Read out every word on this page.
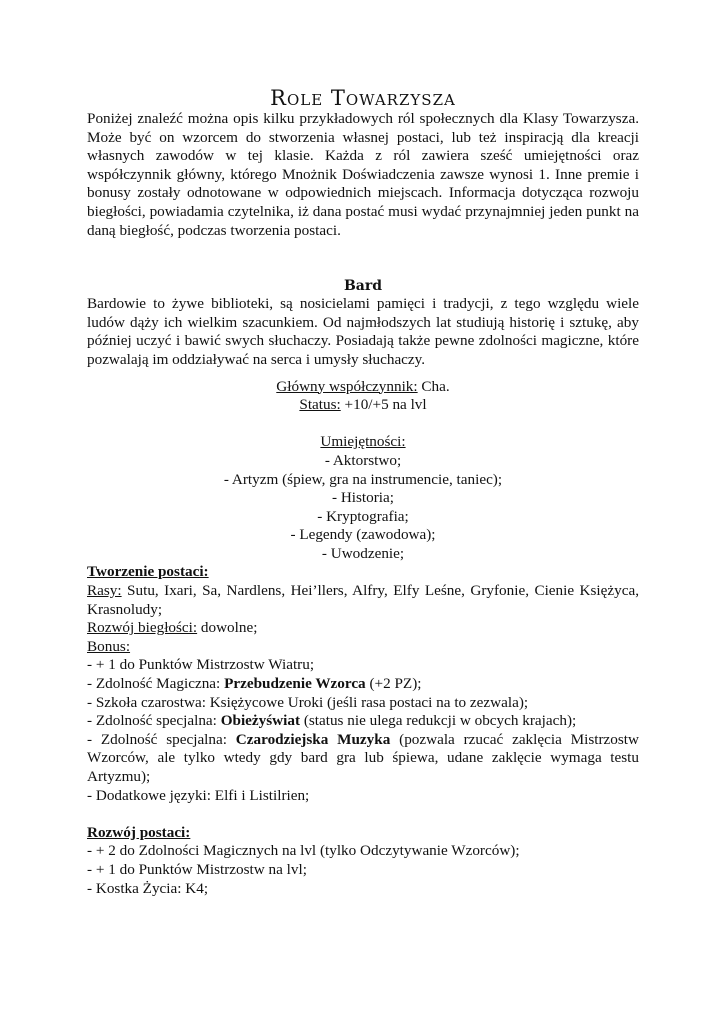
Role Towarzysza

Poniżej znaleźć można opis kilku przykładowych ról społecznych dla Klasy Towarzysza. Może być on wzorcem do stworzenia własnej postaci, lub też inspiracją dla kreacji własnych zawodów w tej klasie. Każda z ról zawiera sześć umiejętności oraz współczynnik główny, którego Mnożnik Doświadczenia zawsze wynosi 1. Inne premie i bonusy zostały odnotowane w odpowiednich miejscach. Informacja dotycząca rozwoju biegłości, powiadamia czytelnika, iż dana postać musi wydać przynajmniej jeden punkt na daną biegłość, podczas tworzenia postaci.

Bard

Bardowie to żywe biblioteki, są nosicielami pamięci i tradycji, z tego względu wiele ludów dąży ich wielkim szacunkiem. Od najmłodszych lat studiują historię i sztukę, aby później uczyć i bawić swych słuchaczy. Posiadają także pewne zdolności magiczne, które pozwalają im oddziaływać na serca i umysły słuchaczy.

Główny współczynnik: Cha.

Status: +10/+5 na lvl

Umiejętności:

- Aktorstwo;

- Artyzm (śpiew, gra na instrumencie, taniec);

- Historia;

- Kryptografia;

- Legendy (zawodowa);

- Uwodzenie;

Tworzenie postaci:

Rasy: Sutu, Ixari, Sa, Nardlens, Hei’llers, Alfry, Elfy Leśne, Gryfonie, Cienie Księżyca, Krasnoludy;

Rozwój biegłości: dowolne;

Bonus:

- + 1 do Punktów Mistrzostw Wiatru;

- Zdolność Magiczna: Przebudzenie Wzorca (+2 PZ);

- Szkoła czarostwa: Księżycowe Uroki (jeśli rasa postaci na to zezwala);

- Zdolność specjalna: Obieżyświat (status nie ulega redukcji w obcych krajach);

- Zdolność specjalna: Czarodziejska Muzyka (pozwala rzucać zaklęcia Mistrzostw Wzorców, ale tylko wtedy gdy bard gra lub śpiewa, udane zaklęcie wymaga testu Artyzmu);

- Dodatkowe języki: Elfi i Listilrien;

Rozwój postaci:

- + 2 do Zdolności Magicznych na lvl (tylko Odczytywanie Wzorców);

- + 1 do Punktów Mistrzostw na lvl;

- Kostka Życia: K4;
